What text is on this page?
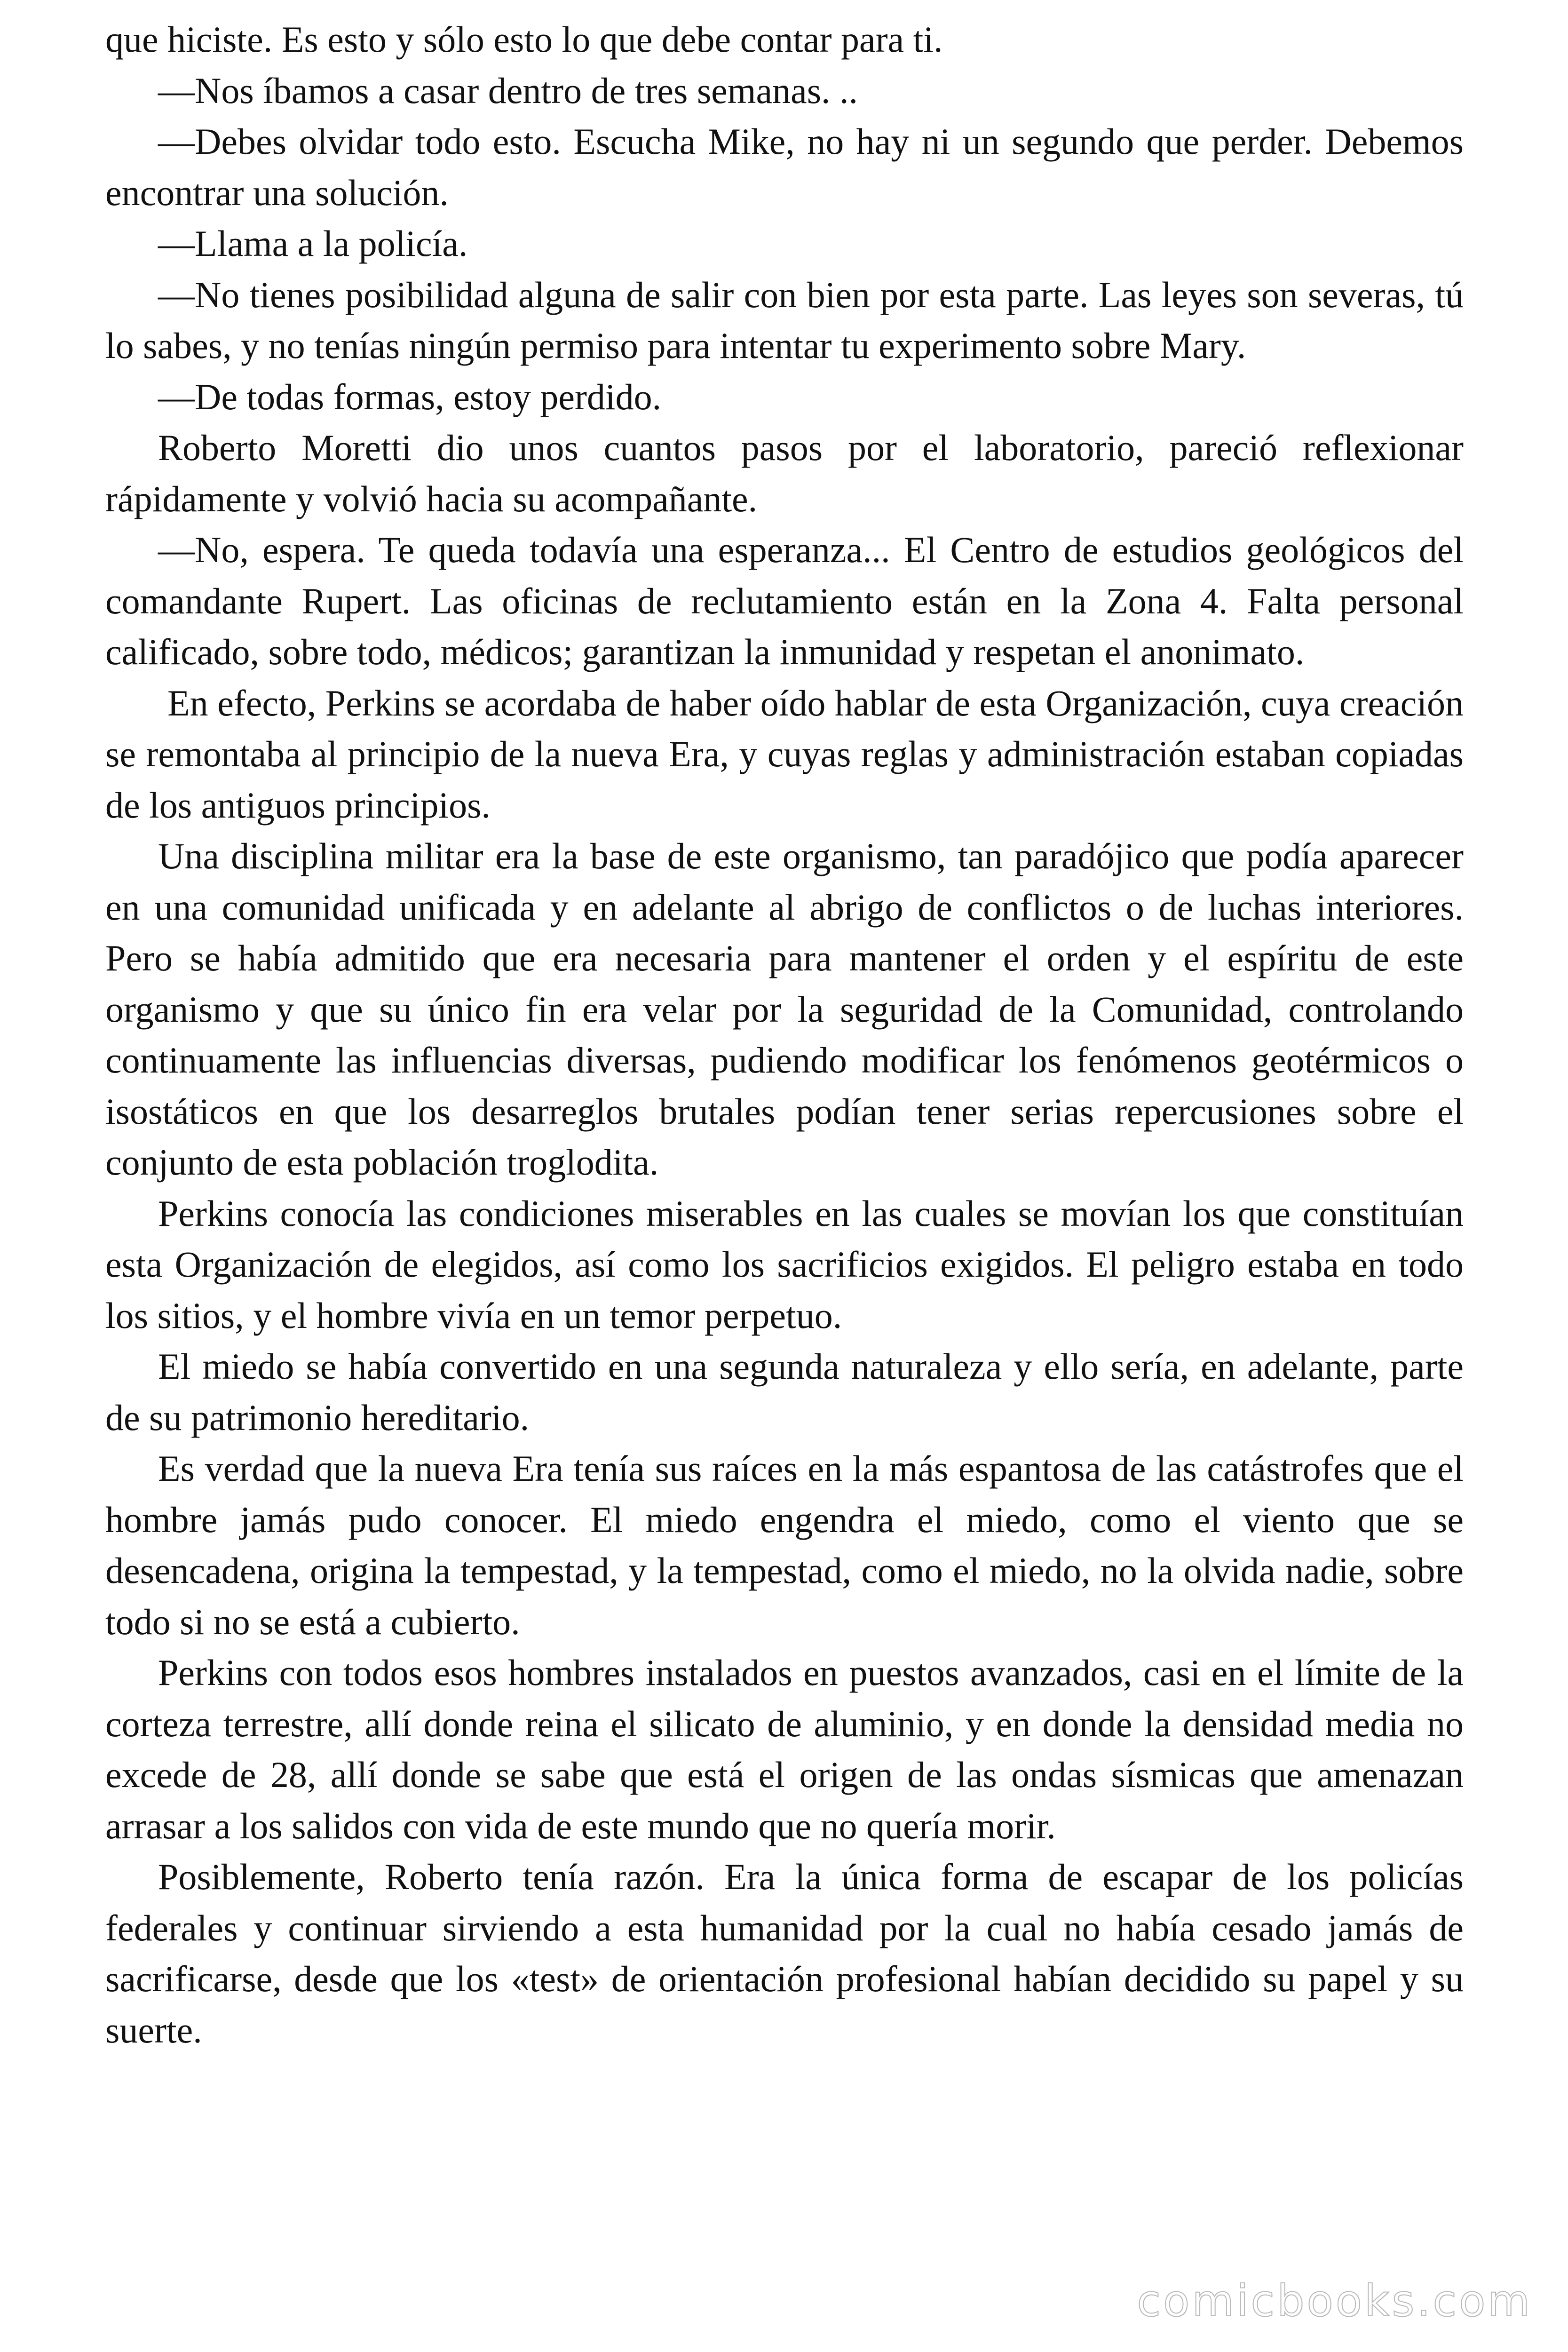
que hiciste. Es esto y sólo esto lo que debe contar para ti.

—Nos íbamos a casar dentro de tres semanas. ..

—Debes olvidar todo esto. Escucha Mike, no hay ni un segundo que perder. Debemos encontrar una solución.

—Llama a la policía.

—No tienes posibilidad alguna de salir con bien por esta parte. Las leyes son severas, tú lo sabes, y no tenías ningún permiso para intentar tu experimento sobre Mary.

—De todas formas, estoy perdido.

Roberto Moretti dio unos cuantos pasos por el laboratorio, pareció reflexionar rápidamente y volvió hacia su acompañante.

—No, espera. Te queda todavía una esperanza... El Centro de estudios geológicos del comandante Rupert. Las oficinas de reclutamiento están en la Zona 4. Falta personal calificado, sobre todo, médicos; garantizan la inmunidad y respetan el anonimato.

En efecto, Perkins se acordaba de haber oído hablar de esta Organización, cuya creación se remontaba al principio de la nueva Era, y cuyas reglas y administración estaban copiadas de los antiguos principios.

Una disciplina militar era la base de este organismo, tan paradójico que podía aparecer en una comunidad unificada y en adelante al abrigo de conflictos o de luchas interiores. Pero se había admitido que era necesaria para mantener el orden y el espíritu de este organismo y que su único fin era velar por la seguridad de la Comunidad, controlando continuamente las influencias diversas, pudiendo modificar los fenómenos geotérmicos o isostáticos en que los desarreglos brutales podían tener serias repercusiones sobre el conjunto de esta población troglodita.

Perkins conocía las condiciones miserables en las cuales se movían los que constituían esta Organización de elegidos, así como los sacrificios exigidos. El peligro estaba en todo los sitios, y el hombre vivía en un temor perpetuo.

El miedo se había convertido en una segunda naturaleza y ello sería, en adelante, parte de su patrimonio hereditario.

Es verdad que la nueva Era tenía sus raíces en la más espantosa de las catástrofes que el hombre jamás pudo conocer. El miedo engendra el miedo, como el viento que se desencadena, origina la tempestad, y la tempestad, como el miedo, no la olvida nadie, sobre todo si no se está a cubierto.

Perkins con todos esos hombres instalados en puestos avanzados, casi en el límite de la corteza terrestre, allí donde reina el silicato de aluminio, y en donde la densidad media no excede de 28, allí donde se sabe que está el origen de las ondas sísmicas que amenazan arrasar a los salidos con vida de este mundo que no quería morir.

Posiblemente, Roberto tenía razón. Era la única forma de escapar de los policías federales y continuar sirviendo a esta humanidad por la cual no había cesado jamás de sacrificarse, desde que los «test» de orientación profesional habían decidido su papel y su suerte.

comicbooks.com
